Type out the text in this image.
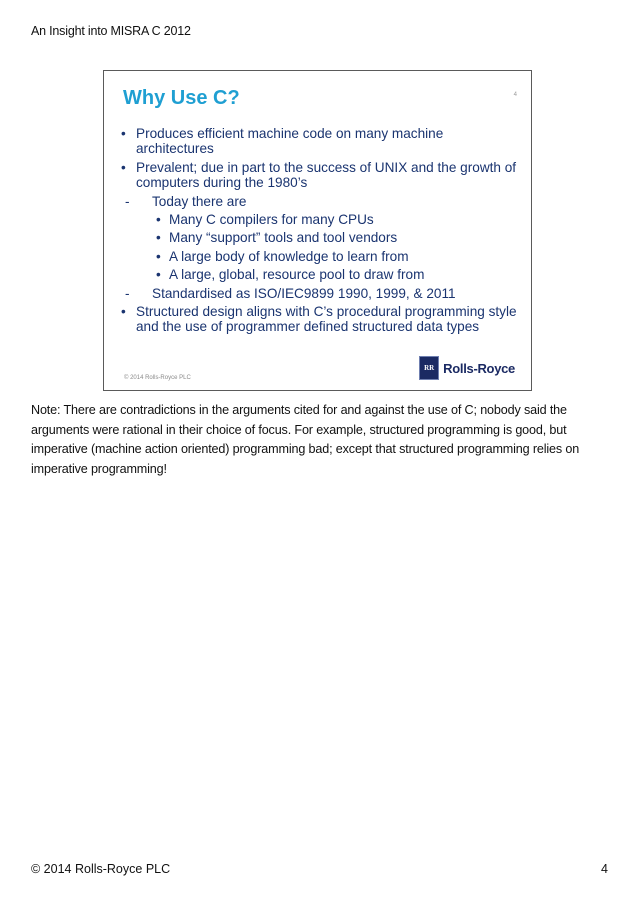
An Insight into MISRA C 2012
Why Use C?	4
• Produces efficient machine code on many machine architectures
• Prevalent; due in part to the success of UNIX and the growth of computers during the 1980’s
- Today there are
• Many C compilers for many CPUs
• Many “support” tools and tool vendors
• A large body of knowledge to learn from
• A large, global, resource pool to draw from
- Standardised as ISO/IEC9899 1990, 1999, & 2011
• Structured design aligns with C’s procedural programming style and the use of programmer defined structured data types
© 2014 Rolls-Royce PLC
RR Rolls-Royce
Note: There are contradictions in the arguments cited for and against the use of C; nobody said the arguments were rational in their choice of focus. For example, structured programming is good, but imperative (machine action oriented) programming bad; except that structured programming relies on imperative programming!
© 2014 Rolls-Royce PLC	4
